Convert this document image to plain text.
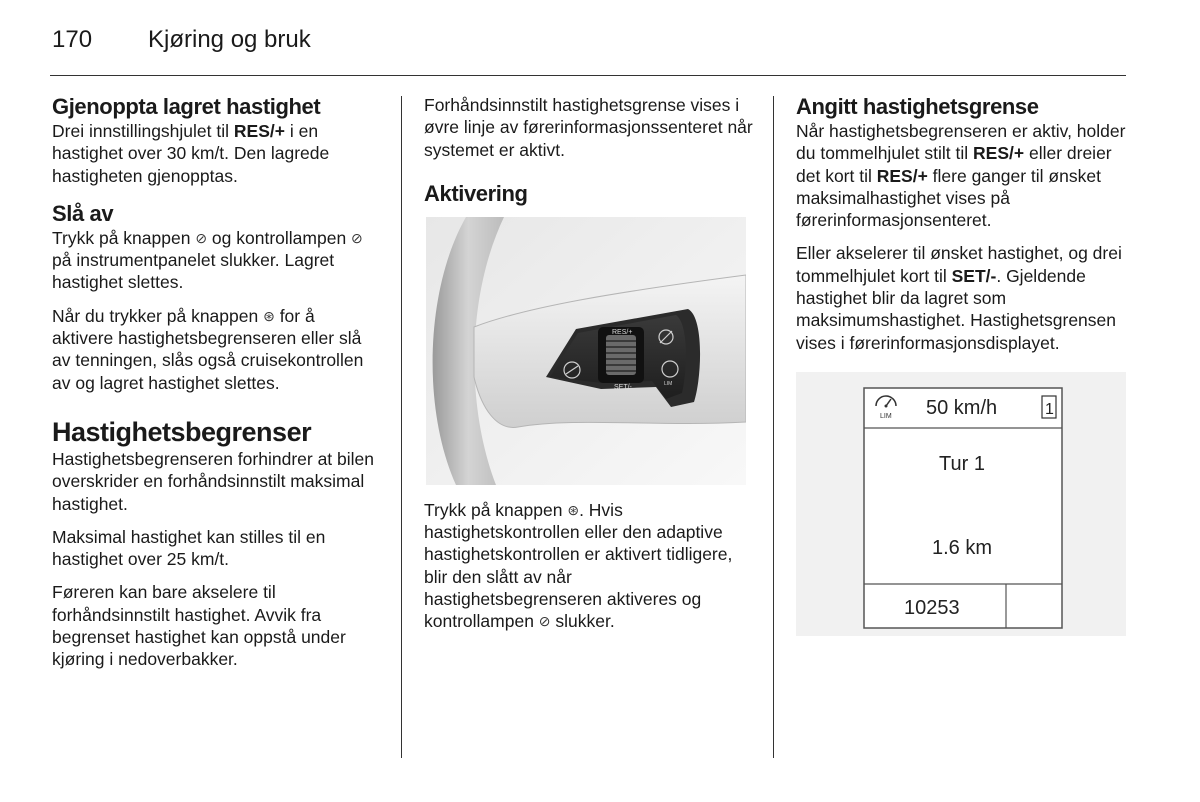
170 Kjøring og bruk
Gjenoppta lagret hastighet

Drei innstillingshjulet til RES/+ i en hastighet over 30 km/t. Den lagrede hastigheten gjenopptas.

Slå av

Trykk på knappen ⊘ og kontrollampen ⊘ på instrumentpanelet slukker. Lagret hastighet slettes.

Når du trykker på knappen ⊛ for å aktivere hastighetsbegrenseren eller slå av tenningen, slås også cruisekontrollen av og lagret hastighet slettes.

Hastighetsbegrenser

Hastighetsbegrenseren forhindrer at bilen overskrider en forhåndsinnstilt maksimal hastighet.

Maksimal hastighet kan stilles til en hastighet over 25 km/t.

Føreren kan bare akselere til forhåndsinnstilt hastighet. Avvik fra begrenset hastighet kan oppstå under kjøring i nedoverbakker.

Forhåndsinnstilt hastighetsgrense vises i øvre linje av førerinformasjonssenteret når systemet er aktivt.

Aktivering
RES/+
SET/-	LIM

Trykk på knappen ⊛. Hvis hastighetskontrollen eller den adaptive hastighetskontrollen er aktivert tidligere, blir den slått av når hastighetsbegrenseren aktiveres og kontrollampen ⊘ slukker.

Angitt hastighetsgrense

Når hastighetsbegrenseren er aktiv, holder du tommelhjulet stilt til RES/+ eller dreier det kort til RES/+ flere ganger til ønsket maksimalhastighet vises på førerinformasjonsenteret.

Eller akselerer til ønsket hastighet, og drei tommelhjulet kort til SET/-. Gjeldende hastighet blir da lagret som maksimumshastighet. Hastighetsgrensen vises i førerinformasjonsdisplayet.

LIM 50 km/h	1
Tur 1
1.6 km
10253
